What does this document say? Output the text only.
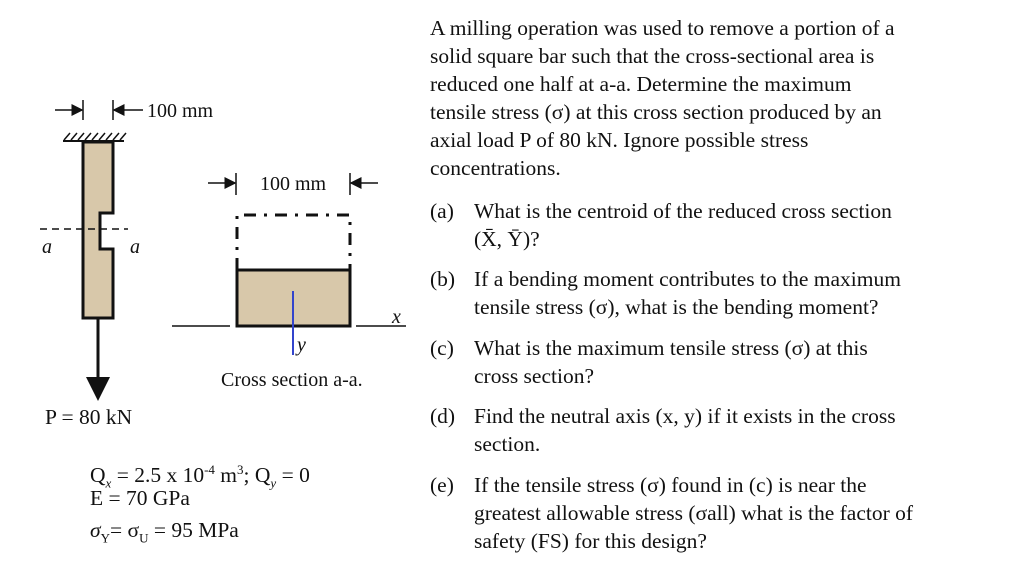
100 mm
a	a
P = 80 kN
100 mm
x
y
Cross section a-a.
A milling operation was used to remove a portion of a
solid square bar such that the cross-sectional area is
reduced one half at a-a. Determine the maximum
tensile stress (σ) at this cross section produced by an
axial load P of 80 kN. Ignore possible stress
concentrations.
(a) What is the centroid of the reduced cross section
(X̄, Ȳ)?
(b) If a bending moment contributes to the maximum
tensile stress (σ), what is the bending moment?
(c) What is the maximum tensile stress (σ) at this
cross section?
(d) Find the neutral axis (x, y) if it exists in the cross
section.
(e) If the tensile stress (σ) found in (c) is near the
greatest allowable stress (σall) what is the factor of
safety (FS) for this design?
$Q_x = 2.5$ x $10^{-4}$ $m^3$; $Q_y = 0$
E = 70 GPa
$\sigma_Y= \sigma_U = 95$ MPa
